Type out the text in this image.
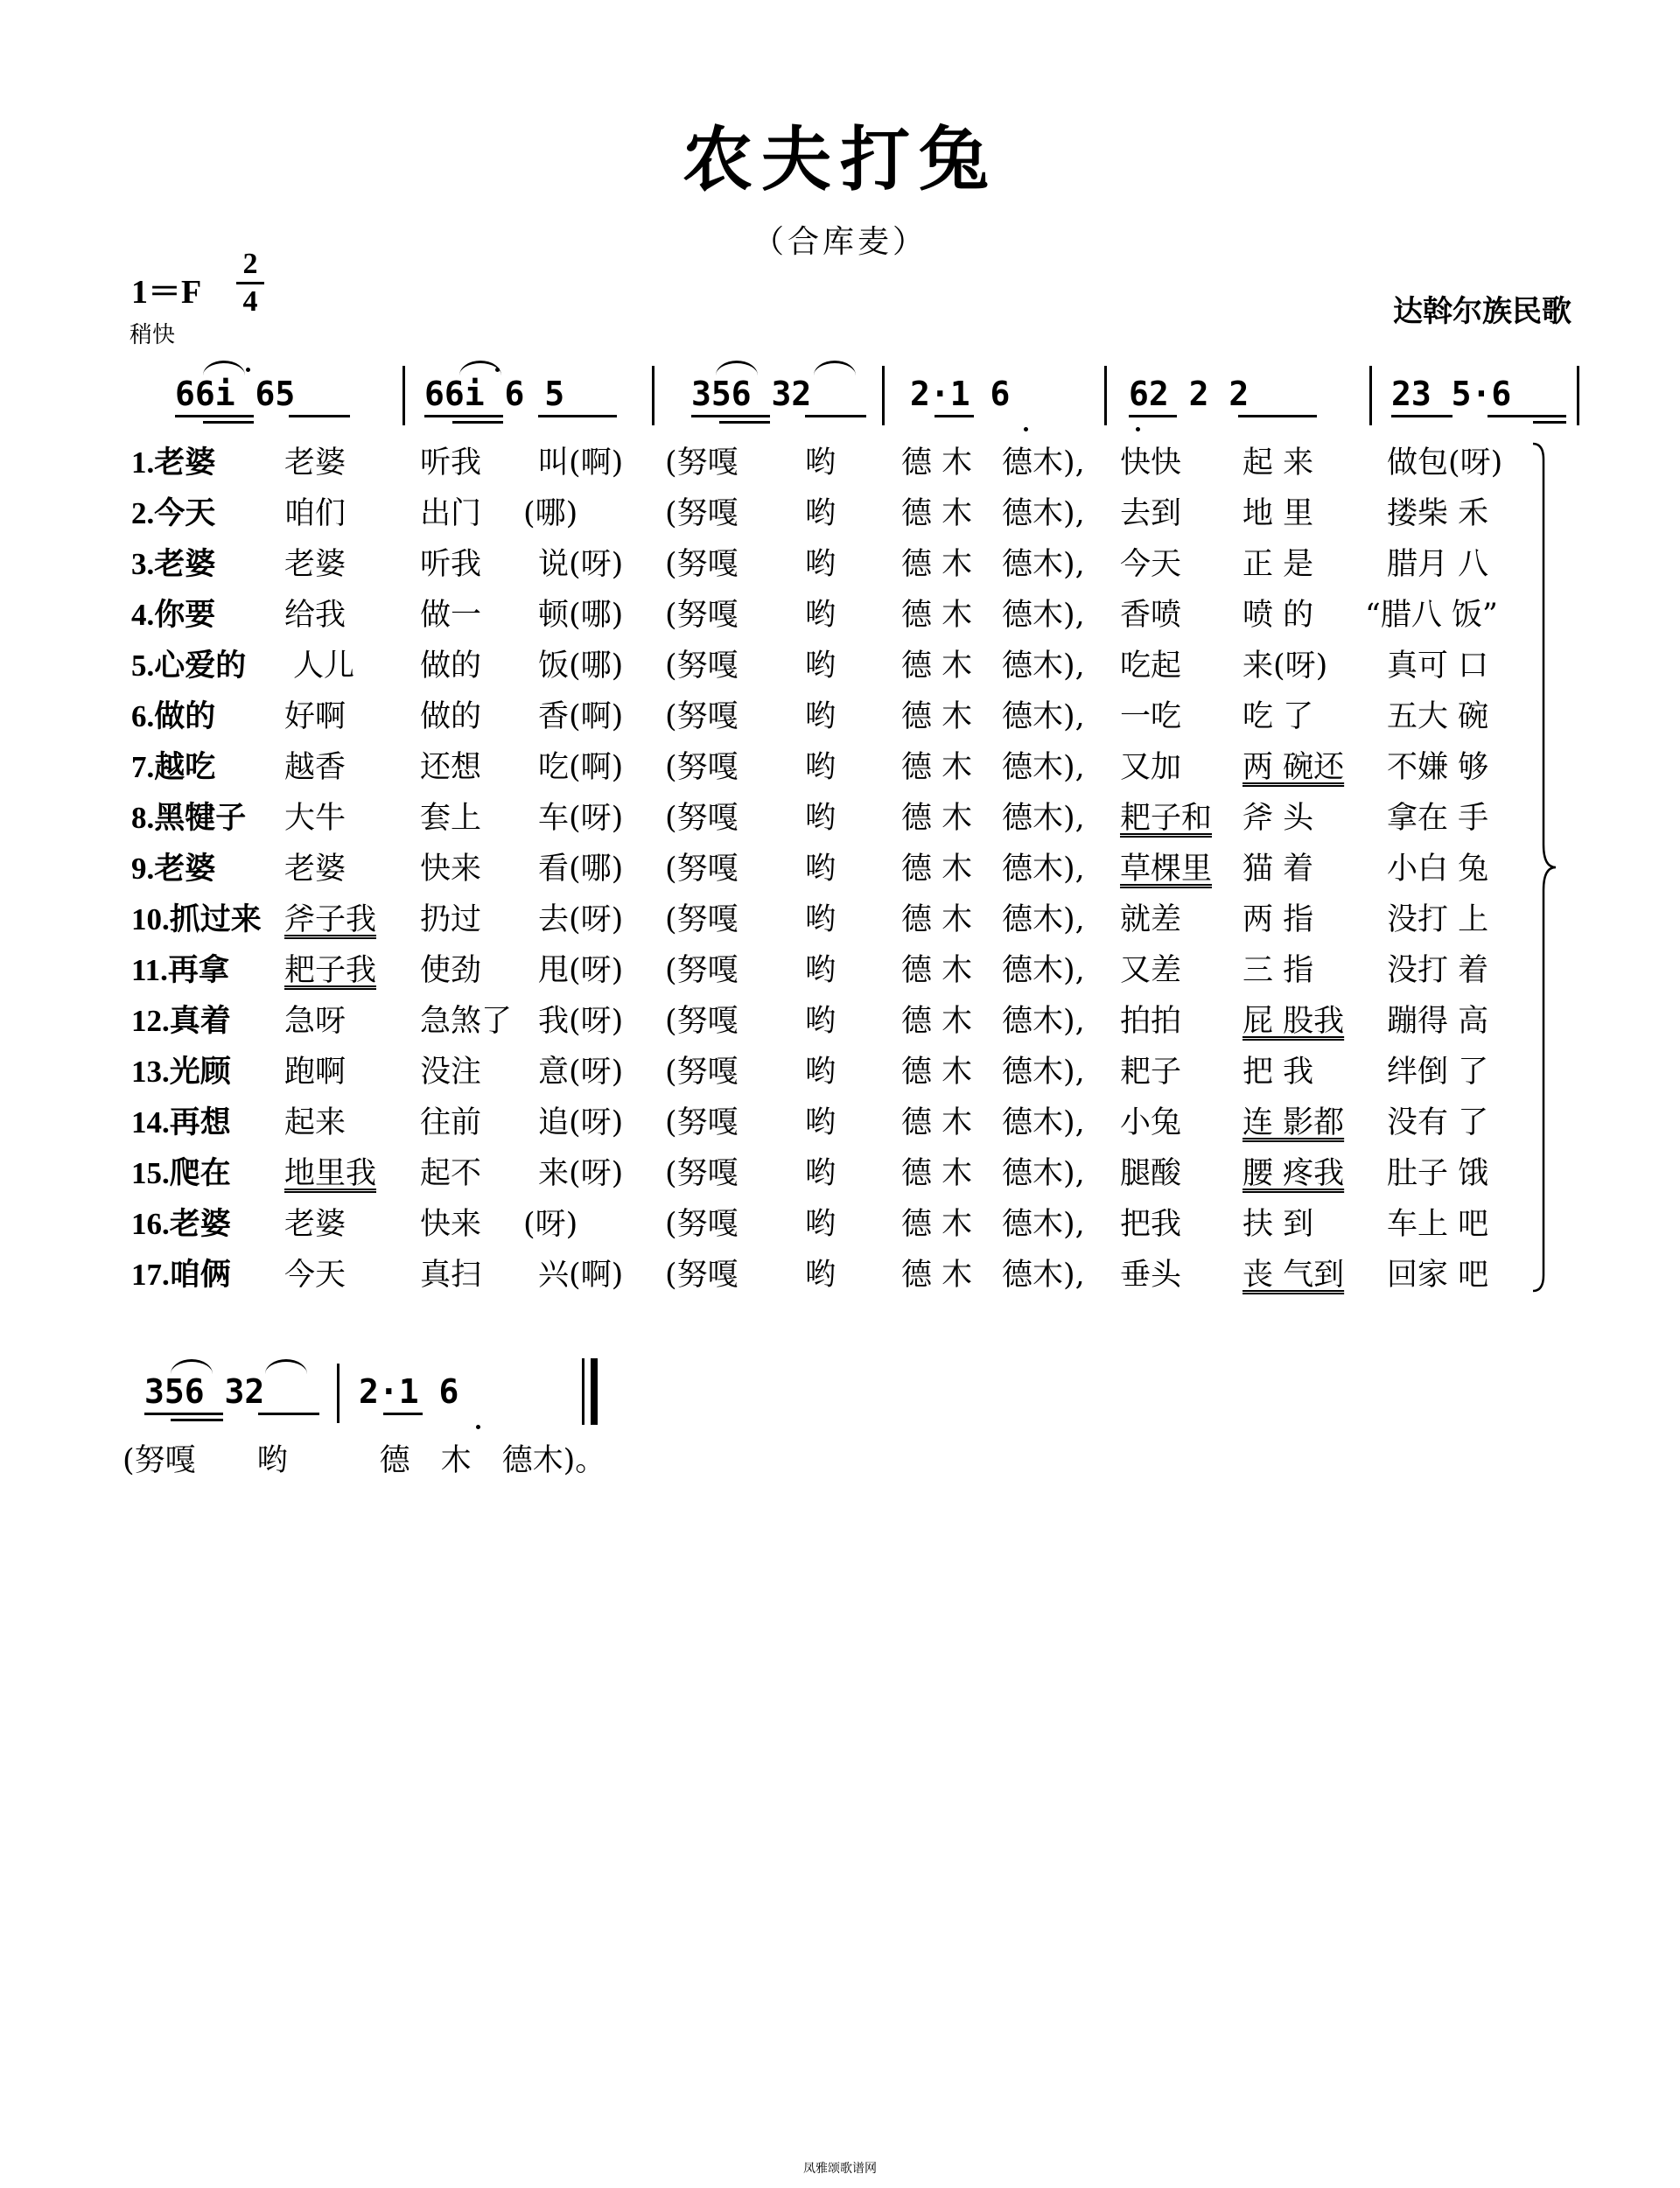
农夫打兔
（合库麦）
1＝F
2
4
稍快
达斡尔族民歌
66i 65	66i 6 5	356 32	2·1 6	62 2 2	23 5·6
1.老婆 老婆 听我 叫(啊) (努嘎 哟 德 木 德木), 快快 起 来 做包(呀)
2.今天 咱们 出门 (哪)	(努嘎 哟 德 木 德木), 去到 地 里 搂柴 禾
3.老婆 老婆 听我 说(呀) (努嘎 哟 德 木 德木), 今天 正 是 腊月 八
4.你要 给我 做一 顿(哪) (努嘎 哟 德 木 德木), 香喷 喷 的 “腊八 饭”
5.心爱的 人儿 做的 饭(哪) (努嘎 哟 德 木 德木), 吃起 来(呀) 真可 口
6.做的 好啊 做的 香(啊) (努嘎 哟 德 木 德木), 一吃 吃 了 五大 碗
7.越吃 越香 还想 吃(啊) (努嘎 哟 德 木 德木), 又加 两 碗还 不嫌 够
8.黑犍子 大牛 套上 车(呀) (努嘎 哟 德 木 德木), 耙子和 斧 头 拿在 手
9.老婆 老婆 快来 看(哪) (努嘎 哟 德 木 德木), 草棵里 猫 着 小白 兔
10.抓过来 斧子我 扔过 去(呀) (努嘎 哟 德 木 德木), 就差 两 指 没打 上
11.再拿 耙子我 使劲 甩(呀) (努嘎 哟 德 木 德木), 又差 三 指 没打 着
12.真着 急呀 急煞了 我(呀) (努嘎 哟 德 木 德木), 拍拍 屁 股我 蹦得 高
13.光顾 跑啊 没注 意(呀) (努嘎 哟 德 木 德木), 耙子 把 我 绊倒 了
14.再想 起来 往前 追(呀) (努嘎 哟 德 木 德木), 小兔 连 影都 没有 了
15.爬在 地里我 起不 来(呀) (努嘎 哟 德 木 德木), 腿酸 腰 疼我 肚子 饿
16.老婆 老婆 快来 (呀)	(努嘎 哟 德 木 德木), 把我 扶 到 车上 吧
17.咱俩 今天 真扫 兴(啊) (努嘎 哟 德 木 德木), 垂头 丧 气到 回家 吧
356 32	2·1 6
(努嘎　　哟　　　德　木　德木)。
凤雅颂歌谱网
